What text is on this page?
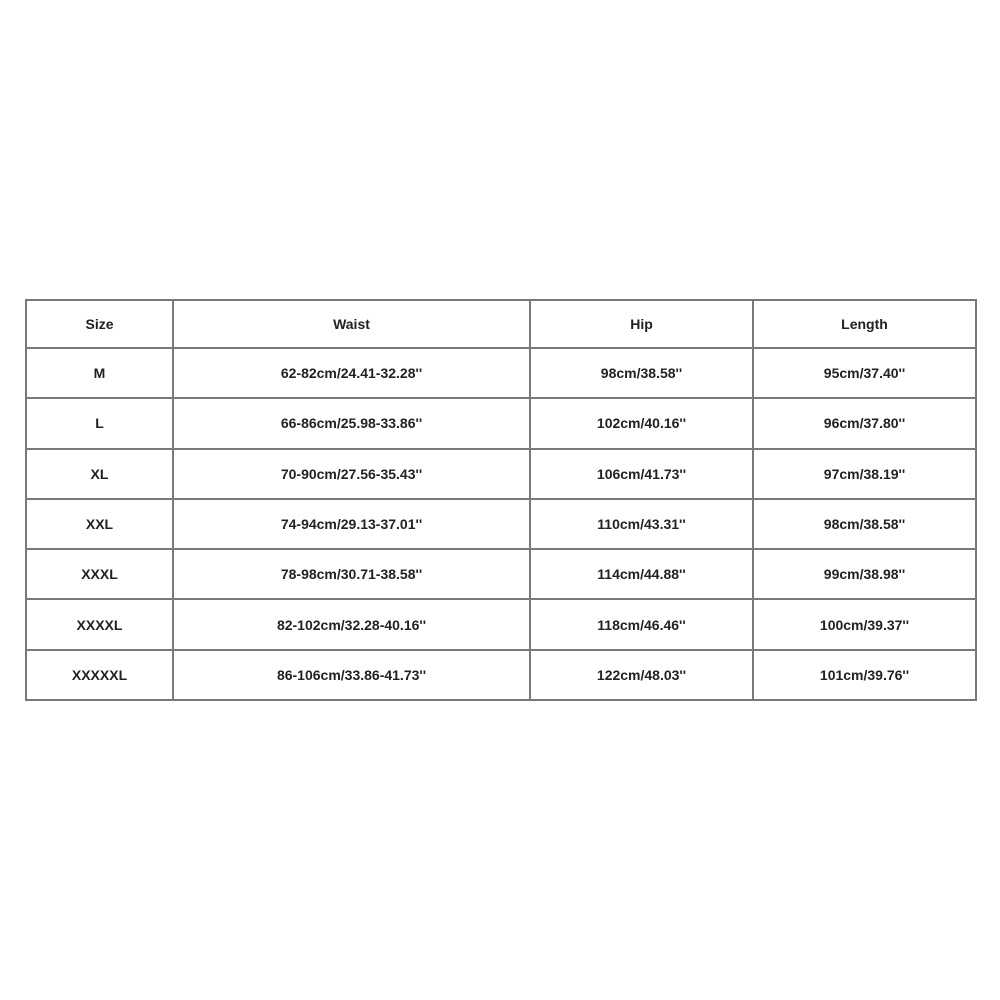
Size	Waist	Hip	Length
M	62-82cm/24.41-32.28''	98cm/38.58''	95cm/37.40''
L	66-86cm/25.98-33.86''	102cm/40.16''	96cm/37.80''
XL	70-90cm/27.56-35.43''	106cm/41.73''	97cm/38.19''
XXL	74-94cm/29.13-37.01''	110cm/43.31''	98cm/38.58''
XXXL	78-98cm/30.71-38.58''	114cm/44.88''	99cm/38.98''
XXXXL	82-102cm/32.28-40.16''	118cm/46.46''	100cm/39.37''
XXXXXL	86-106cm/33.86-41.73''	122cm/48.03''	101cm/39.76''
